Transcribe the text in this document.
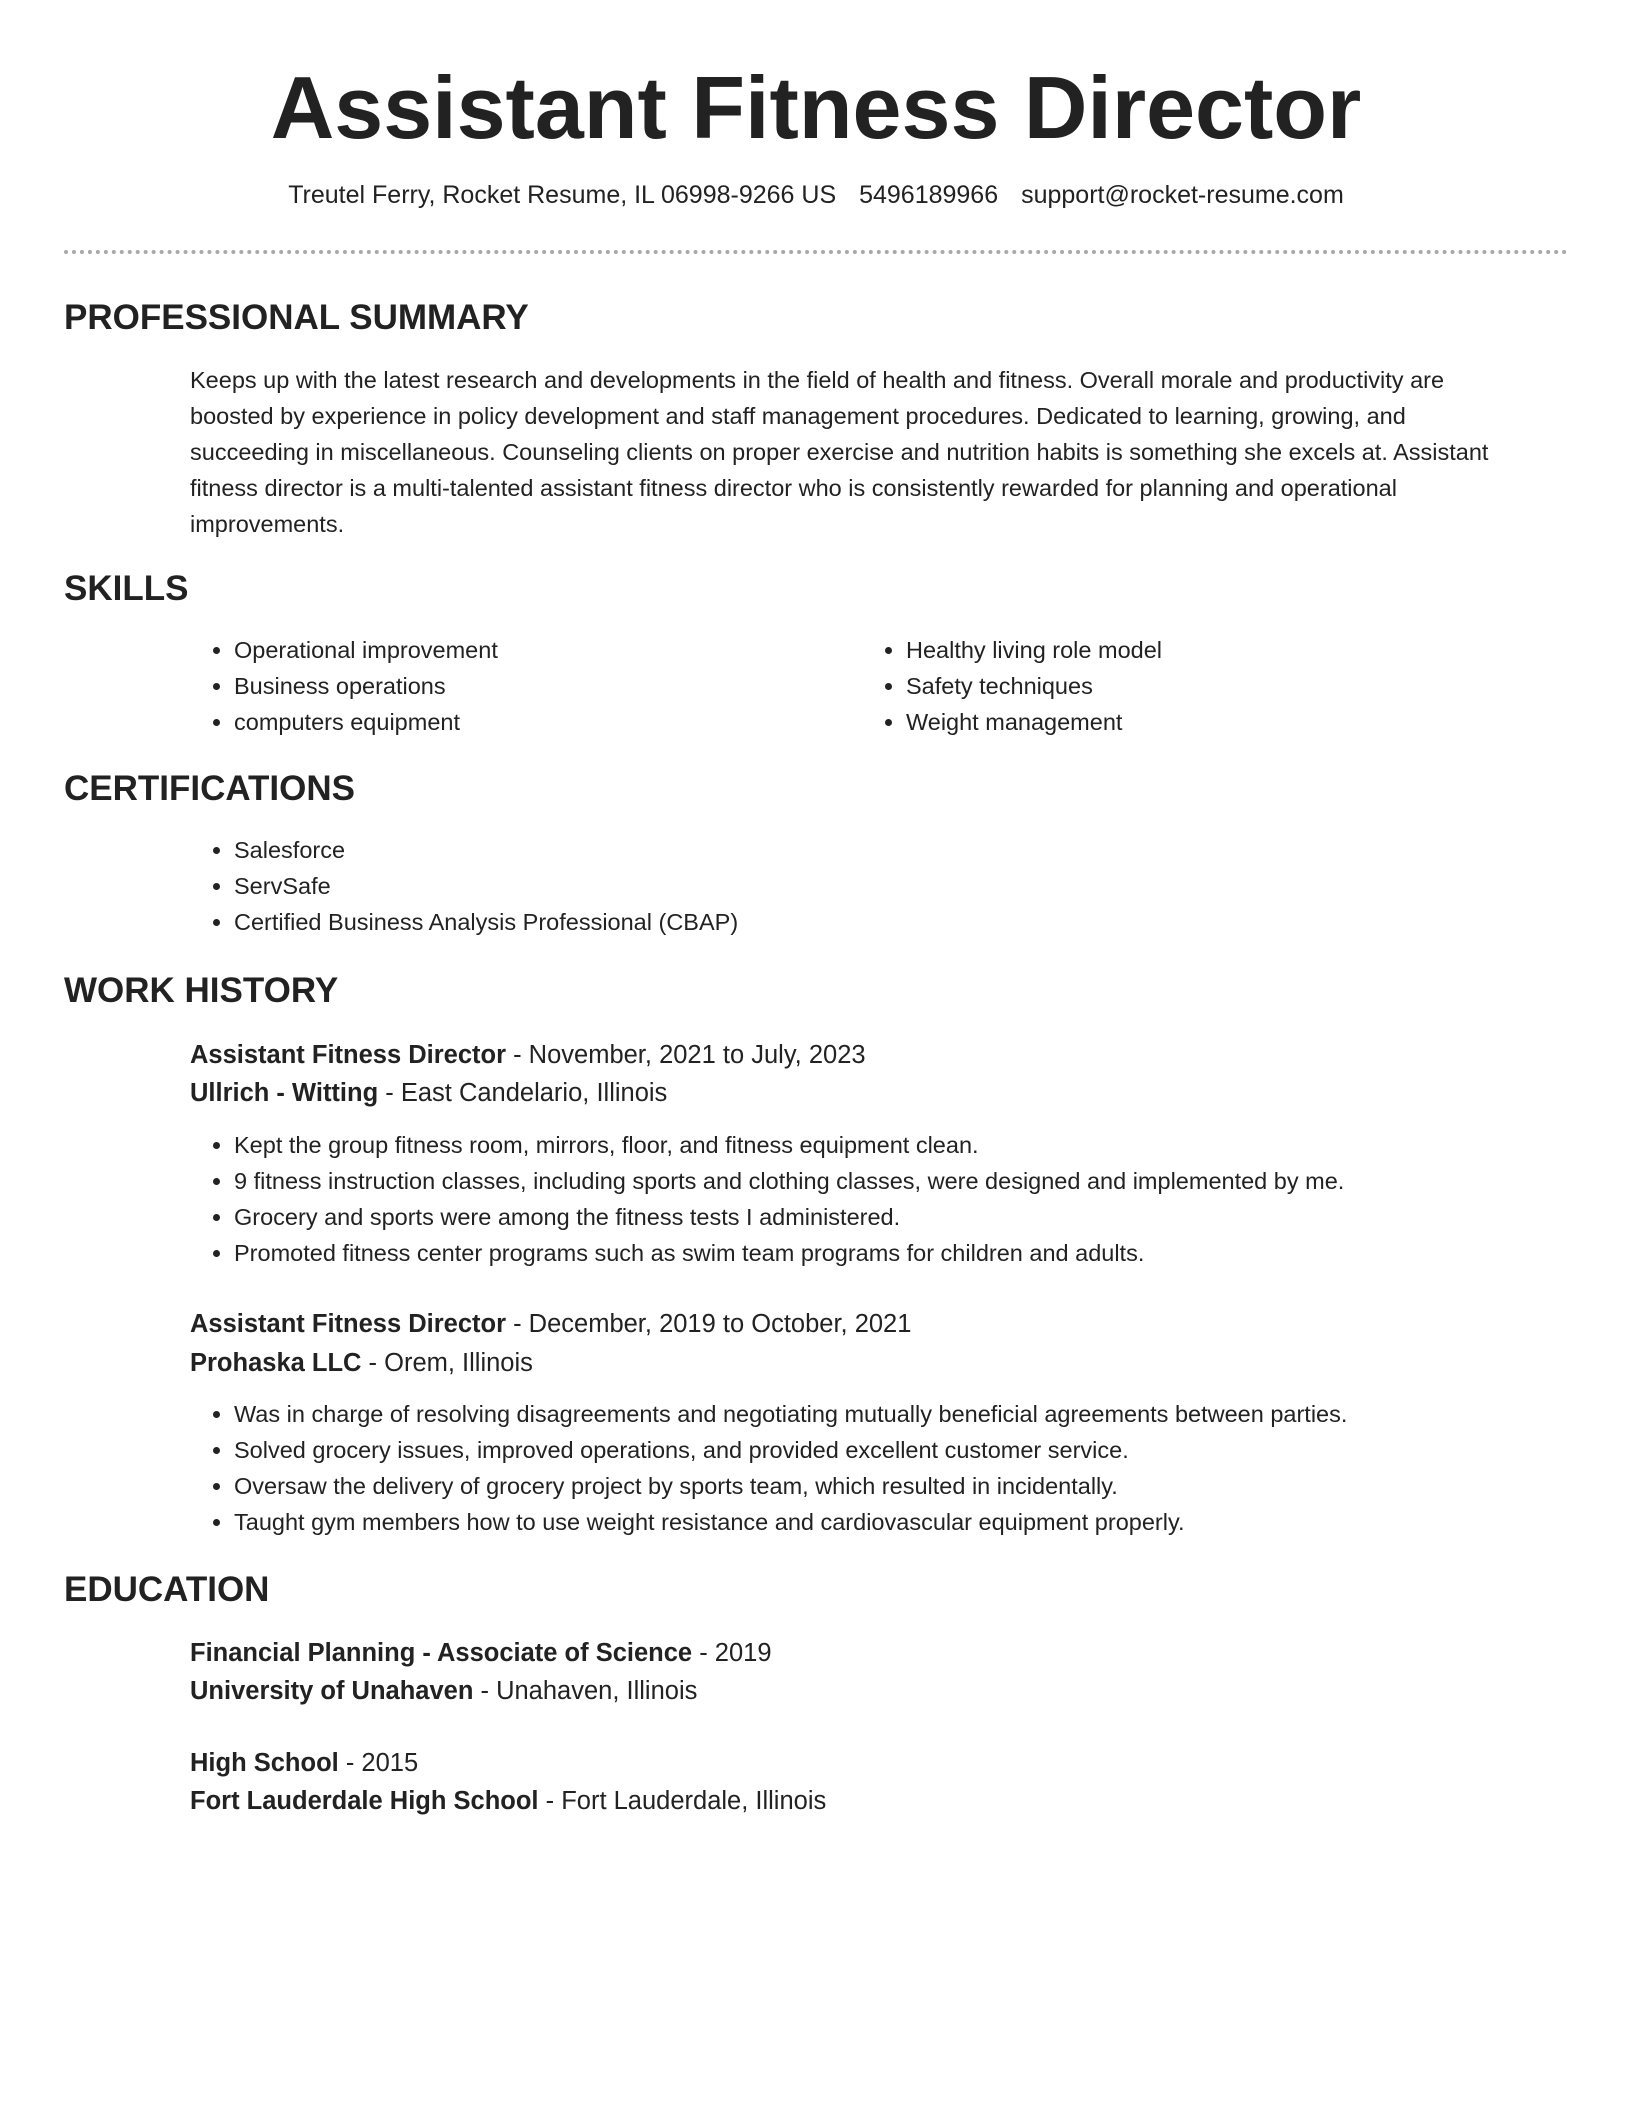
Assistant Fitness Director
Treutel Ferry, Rocket Resume, IL 06998-9266 US 5496189966 support@rocket-resume.com
PROFESSIONAL SUMMARY

Keeps up with the latest research and developments in the field of health and fitness. Overall morale and productivity are boosted by experience in policy development and staff management procedures. Dedicated to learning, growing, and succeeding in miscellaneous. Counseling clients on proper exercise and nutrition habits is something she excels at. Assistant fitness director is a multi-talented assistant fitness director who is consistently rewarded for planning and operational improvements.

SKILLS
• Operational improvement
• Business operations
• computers equipment
• Healthy living role model
• Safety techniques
• Weight management
CERTIFICATIONS
• Salesforce
• ServSafe
• Certified Business Analysis Professional (CBAP)
WORK HISTORY

Assistant Fitness Director - November, 2021 to July, 2023

Ullrich - Witting - East Candelario, Illinois

• Kept the group fitness room, mirrors, floor, and fitness equipment clean.
• 9 fitness instruction classes, including sports and clothing classes, were designed and implemented by me.
• Grocery and sports were among the fitness tests I administered.
• Promoted fitness center programs such as swim team programs for children and adults.

Assistant Fitness Director - December, 2019 to October, 2021

Prohaska LLC - Orem, Illinois

• Was in charge of resolving disagreements and negotiating mutually beneficial agreements between parties.
• Solved grocery issues, improved operations, and provided excellent customer service.
• Oversaw the delivery of grocery project by sports team, which resulted in incidentally.
• Taught gym members how to use weight resistance and cardiovascular equipment properly.
EDUCATION

Financial Planning - Associate of Science - 2019

University of Unahaven - Unahaven, Illinois

High School - 2015

Fort Lauderdale High School - Fort Lauderdale, Illinois
